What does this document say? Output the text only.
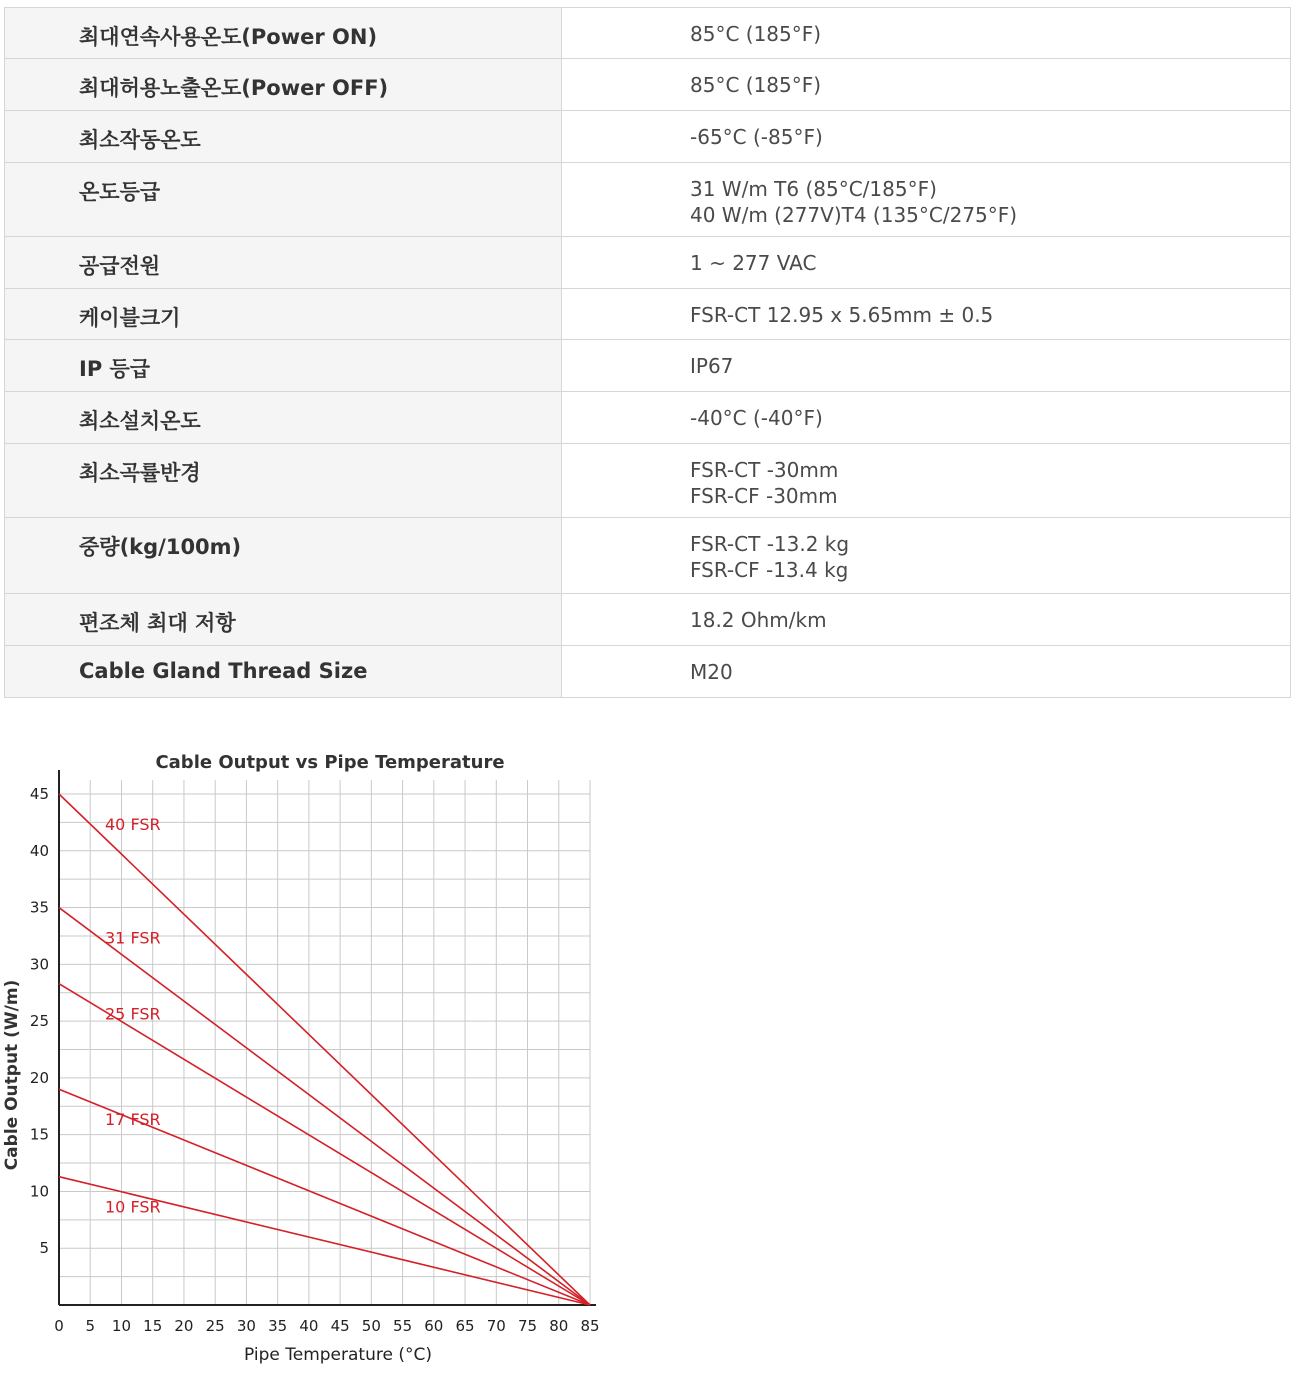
최대연속사용온도(Power ON)	85°C (185°F)
최대허용노출온도(Power OFF)	85°C (185°F)
최소작동온도	-65°C (-85°F)
온도등급	31 W/m T6 (85°C/185°F)
40 W/m (277V)T4 (135°C/275°F)
공급전원	1 ~ 277 VAC
케이블크기	FSR-CT 12.95 x 5.65mm ± 0.5
IP 등급	IP67
최소설치온도	-40°C (-40°F)
최소곡률반경	FSR-CT -30mm
FSR-CF -30mm
중량(kg/100m)	FSR-CT -13.2 kg
FSR-CF -13.4 kg
편조체 최대 저항	18.2 Ohm/km
Cable Gland Thread Size	M20
Cable Output vs Pipe Temperature
0 5 10 15 20 25 30 35 40 45 50 55 60 65 70 75 80 85
5
10
15
20
25
30
35
40
45
40 FSR
31 FSR
25 FSR
17 FSR
10 FSR
Pipe Temperature (°C)
Cable Output (W/m)
